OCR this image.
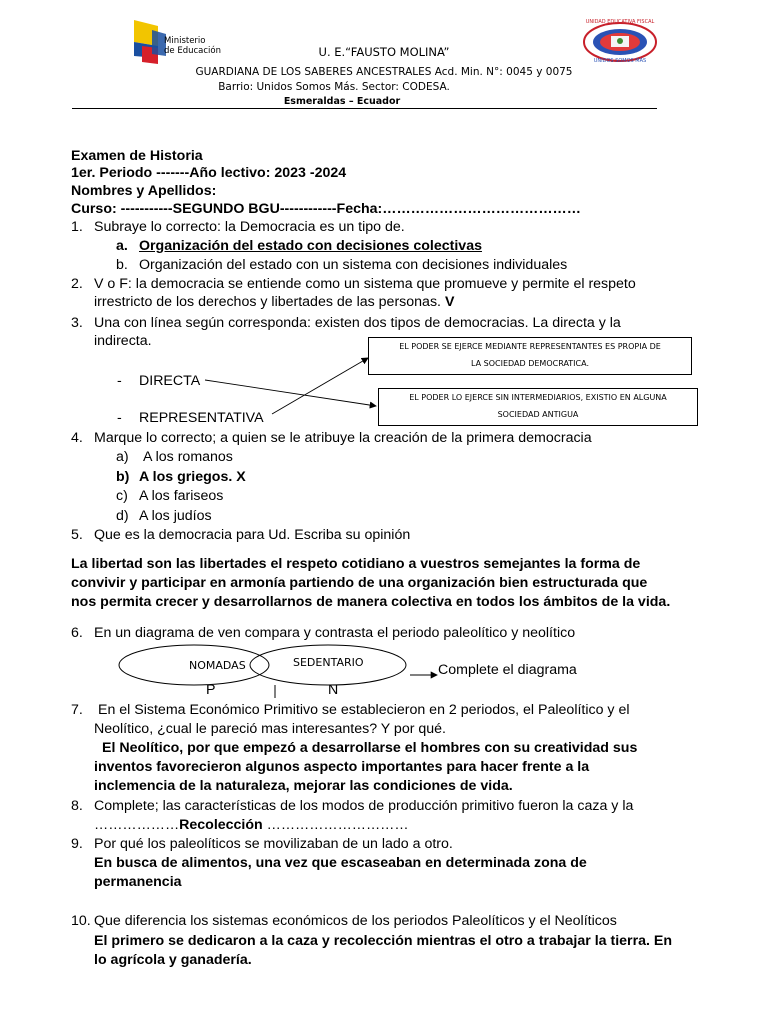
Ministerio
de Educación
UNIDAD EDUCATIVA FISCAL
UNIDOS SOMOS MÁS
U. E.“FAUSTO MOLINA”
GUARDIANA DE LOS SABERES ANCESTRALES Acd. Min. N°: 0045 y 0075
Barrio: Unidos Somos Más. Sector: CODESA.
Esmeraldas – Ecuador
Examen de Historia
1er. Periodo -------Año lectivo: 2023 -2024
Nombres y Apellidos:
Curso: -----------SEGUNDO BGU------------Fecha:……………………………………
1. Subraye lo correcto: la Democracia es un tipo de.
a. Organización del estado con decisiones colectivas
b. Organización del estado con un sistema con decisiones individuales
2. V o F: la democracia se entiende como un sistema que promueve y permite el respeto
irrestricto de los derechos y libertades de las personas. V
3. Una con línea según corresponda: existen dos tipos de democracias. La directa y la
indirecta.	EL PODER SE EJERCE MEDIANTE REPRESENTANTES ES PROPIA DE
LA SOCIEDAD DEMOCRATICA.
EL PODER LO EJERCE SIN INTERMEDIARIOS, EXISTIO EN ALGUNA
SOCIEDAD ANTIGUA
- DIRECTA
- REPRESENTATIVA
4. Marque lo correcto; a quien se le atribuye la creación de la primera democracia
a) A los romanos
b) A los griegos. X
c) A los fariseos
d) A los judíos
5. Que es la democracia para Ud. Escriba su opinión
La libertad son las libertades el respeto cotidiano a vuestros semejantes la forma de
convivir y participar en armonía partiendo de una organización bien estructurada que
nos permita crecer y desarrollarnos de manera colectiva en todos los ámbitos de la vida.
6. En un diagrama de ven compara y contrasta el periodo paleolítico y neolítico
NOMADAS	SEDENTARIO	Complete el diagrama
P	N
7. En el Sistema Económico Primitivo se establecieron en 2 periodos, el Paleolítico y el
Neolítico, ¿cual le pareció mas interesantes? Y por qué.
El Neolítico, por que empezó a desarrollarse el hombres con su creatividad sus
inventos favorecieron algunos aspecto importantes para hacer frente a la
inclemencia de la naturaleza, mejorar las condiciones de vida.
8. Complete; las características de los modos de producción primitivo fueron la caza y la
………………Recolección …………………………
9. Por qué los paleolíticos se movilizaban de un lado a otro.
En busca de alimentos, una vez que escaseaban en determinada zona de
permanencia
10. Que diferencia los sistemas económicos de los periodos Paleolíticos y el Neolíticos
El primero se dedicaron a la caza y recolección mientras el otro a trabajar la tierra. En
lo agrícola y ganadería.
